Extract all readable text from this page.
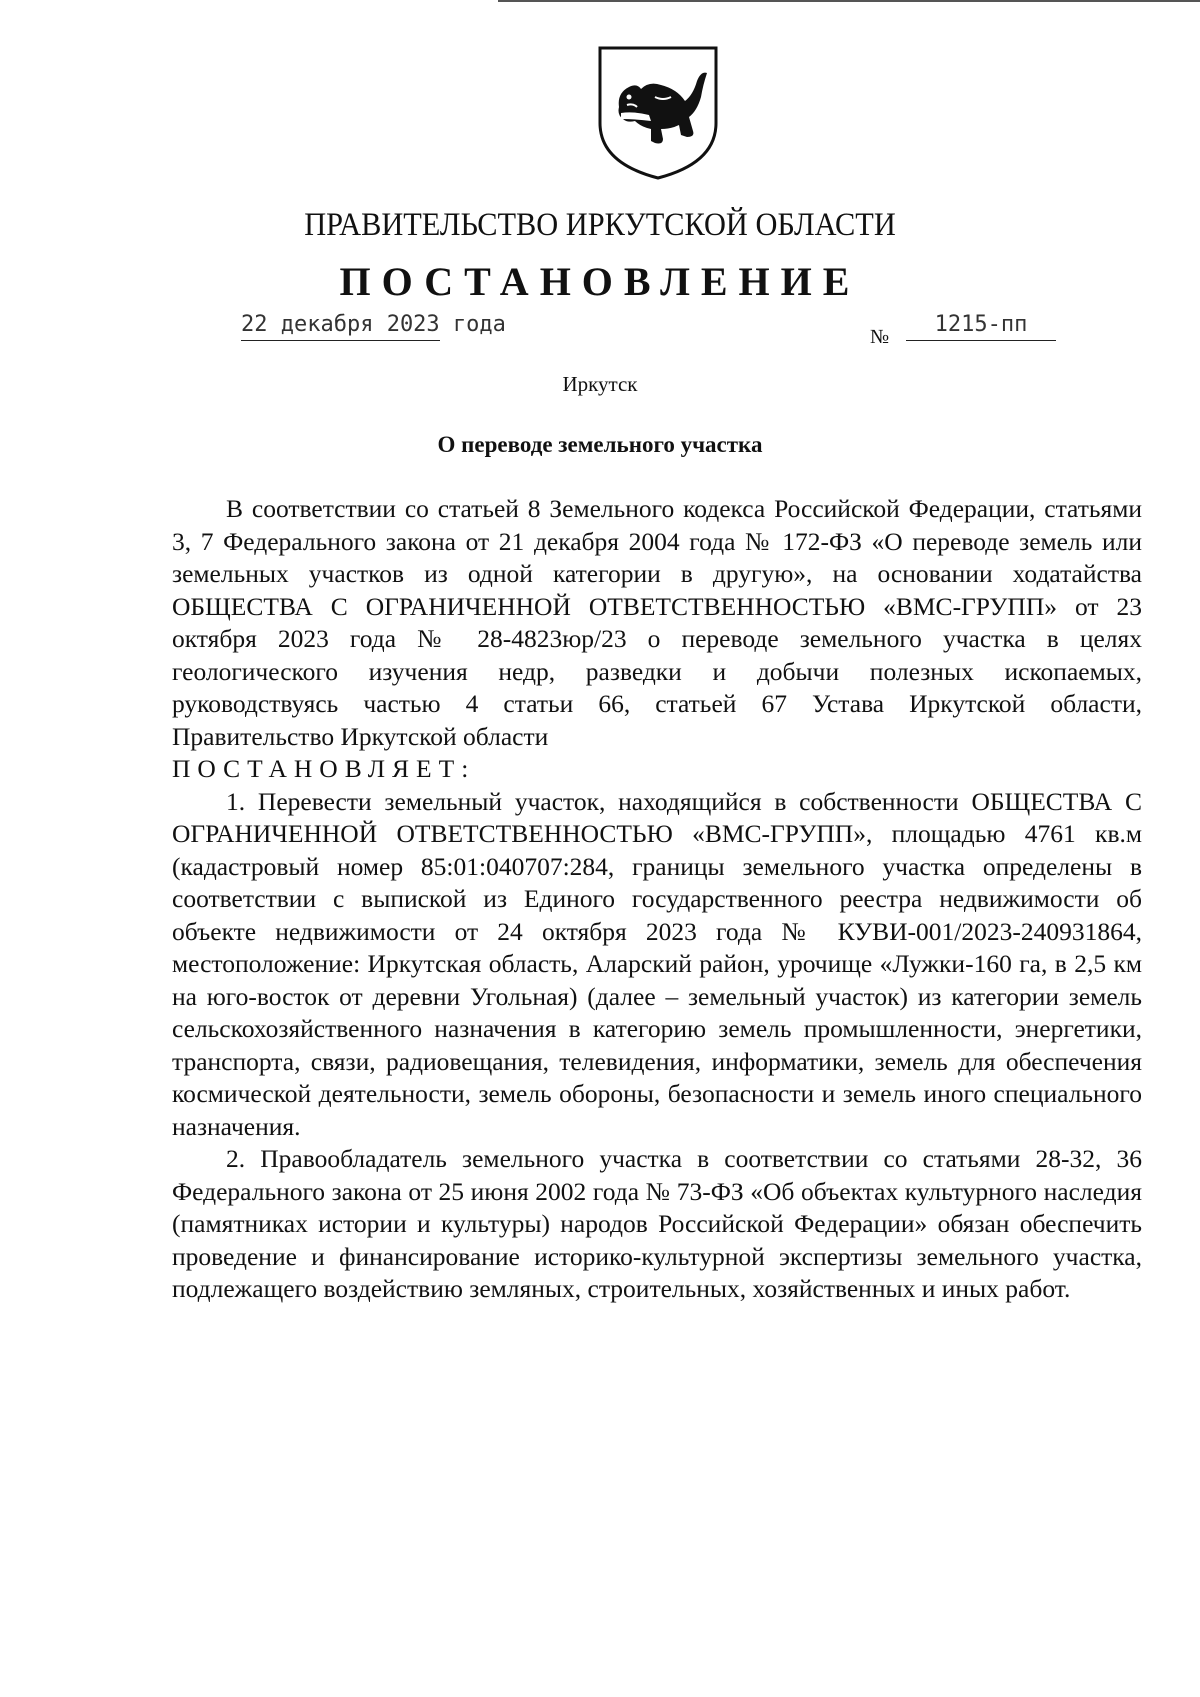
ПРАВИТЕЛЬСТВО ИРКУТСКОЙ ОБЛАСТИ
ПОСТАНОВЛЕНИЕ
22 декабря 2023 года	№	1215-пп
Иркутск
О переводе земельного участка

В соответствии со статьей 8 Земельного кодекса Российской Федерации, статьями 3, 7 Федерального закона от 21 декабря 2004 года № 172-ФЗ «О переводе земель или земельных участков из одной категории в другую», на основании ходатайства ОБЩЕСТВА С ОГРАНИЧЕННОЙ ОТВЕТСТВЕННОСТЬЮ «ВМС-ГРУПП» от 23 октября 2023 года № 28-4823юр/23 о переводе земельного участка в целях геологического изучения недр, разведки и добычи полезных ископаемых, руководствуясь частью 4 статьи 66, статьей 67 Устава Иркутской области, Правительство Иркутской области

ПОСТАНОВЛЯЕТ:

1. Перевести земельный участок, находящийся в собственности ОБЩЕСТВА С ОГРАНИЧЕННОЙ ОТВЕТСТВЕННОСТЬЮ «ВМС-ГРУПП», площадью 4761 кв.м (кадастровый номер 85:01:040707:284, границы земельного участка определены в соответствии с выпиской из Единого государственного реестра недвижимости об объекте недвижимости от 24 октября 2023 года № КУВИ-001/2023-240931864, местоположение: Иркутская область, Аларский район, урочище «Лужки-160 га, в 2,5 км на юго-восток от деревни Угольная) (далее – земельный участок) из категории земель сельскохозяйственного назначения в категорию земель промышленности, энергетики, транспорта, связи, радиовещания, телевидения, информатики, земель для обеспечения космической деятельности, земель обороны, безопасности и земель иного специального назначения.

2. Правообладатель земельного участка в соответствии со статьями 28-32, 36 Федерального закона от 25 июня 2002 года № 73-ФЗ «Об объектах культурного наследия (памятниках истории и культуры) народов Российской Федерации» обязан обеспечить проведение и финансирование историко-культурной экспертизы земельного участка, подлежащего воздействию земляных, строительных, хозяйственных и иных работ.
